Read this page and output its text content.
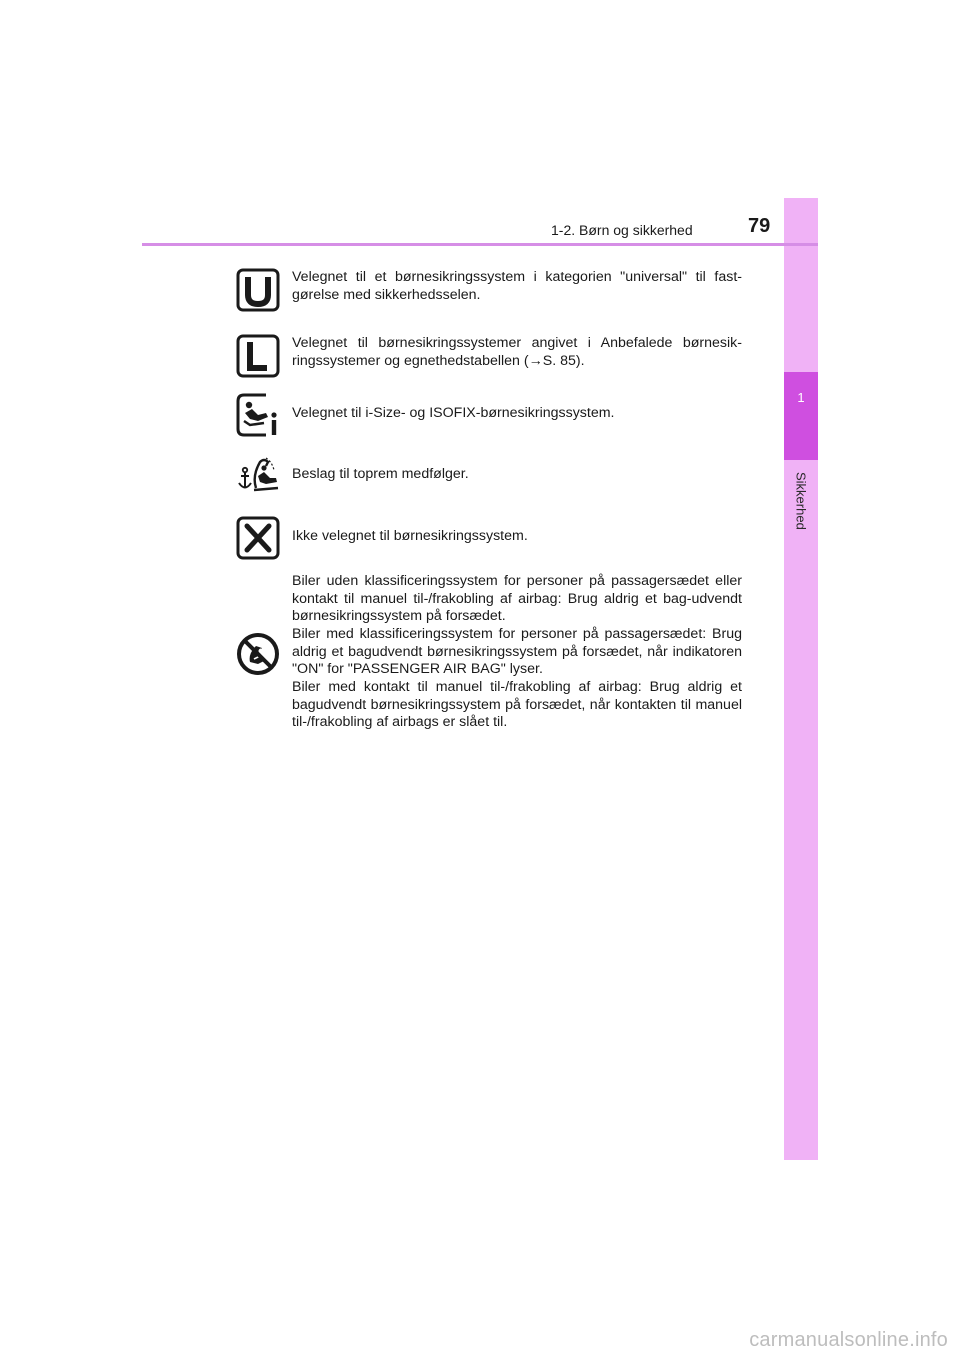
1
Sikkerhed
1-2. Børn og sikkerhed	79
Velegnet til et børnesikringssystem i kategorien "universal" til fast-gørelse med sikkerhedsselen.
Velegnet til børnesikringssystemer angivet i Anbefalede børnesik-ringssystemer og egnethedstabellen (→S. 85).
Velegnet til i-Size- og ISOFIX-børnesikringssystem.
Beslag til toprem medfølger.
Ikke velegnet til børnesikringssystem.
Biler uden klassificeringssystem for personer på passagersædet eller kontakt til manuel til-/frakobling af airbag: Brug aldrig et bag-udvendt børnesikringssystem på forsædet.
Biler med klassificeringssystem for personer på passagersædet: Brug aldrig et bagudvendt børnesikringssystem på forsædet, når indikatoren "ON" for "PASSENGER AIR BAG" lyser.
Biler med kontakt til manuel til-/frakobling af airbag: Brug aldrig et bagudvendt børnesikringssystem på forsædet, når kontakten til manuel til-/frakobling af airbags er slået til.
carmanualsonline.info
